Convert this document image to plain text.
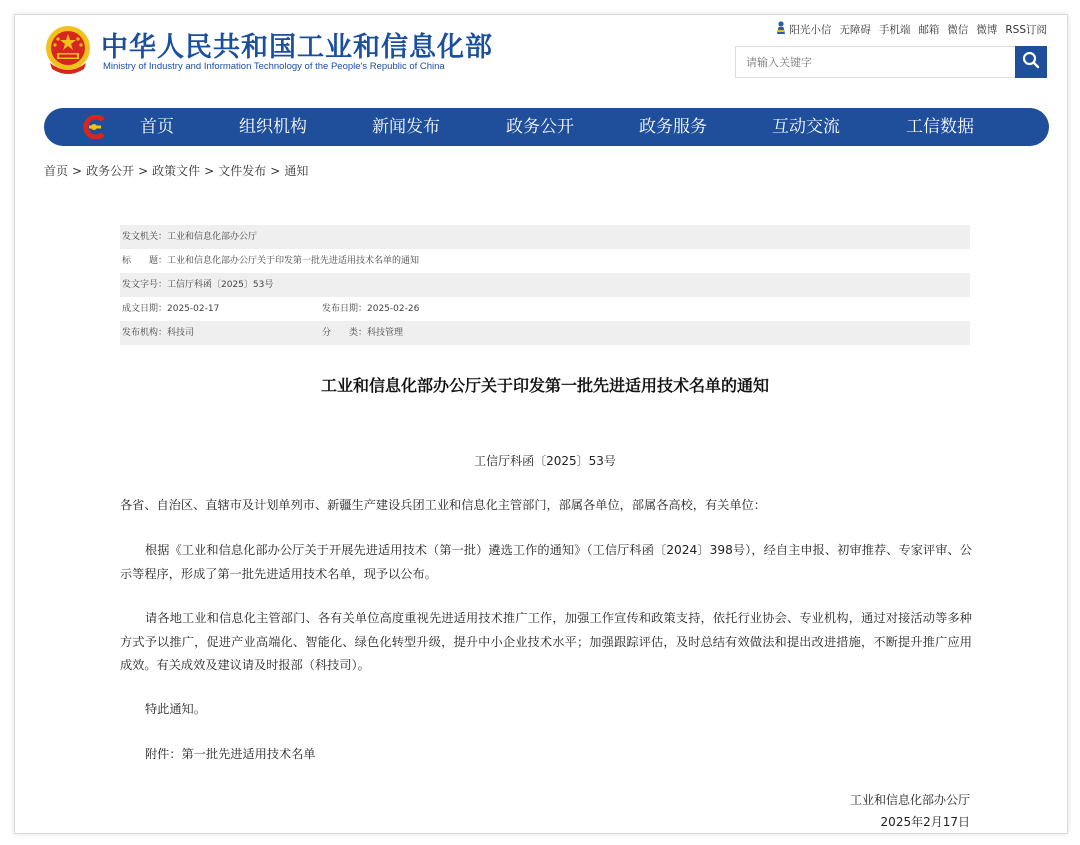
中华人民共和国工业和信息化部
Ministry of Industry and Information Technology of the People's Republic of China
阳光小信 无障碍 手机端 邮箱 微信 微博 RSS订阅
请输入关键字
首页	组织机构	新闻发布	政务公开	政务服务	互动交流	工信数据
首页 > 政务公开 > 政策文件 > 文件发布 > 通知
发文机关：工业和信息化部办公厅
标　　题：工业和信息化部办公厅关于印发第一批先进适用技术名单的通知
发文字号：工信厅科函〔2025〕53号
成文日期：2025-02-17	发布日期：2025-02-26
发布机构：科技司	分　　类：科技管理
工业和信息化部办公厅关于印发第一批先进适用技术名单的通知
工信厅科函〔2025〕53号
各省、自治区、直辖市及计划单列市、新疆生产建设兵团工业和信息化主管部门，部属各单位，部属各高校，有关单位：
根据《工业和信息化部办公厅关于开展先进适用技术（第一批）遴选工作的通知》（工信厅科函〔2024〕398号），经自主申报、初审推荐、专家评审、公示等程序，形成了第一批先进适用技术名单，现予以公布。
请各地工业和信息化主管部门、各有关单位高度重视先进适用技术推广工作，加强工作宣传和政策支持，依托行业协会、专业机构，通过对接活动等多种方式予以推广，促进产业高端化、智能化、绿色化转型升级，提升中小企业技术水平；加强跟踪评估，及时总结有效做法和提出改进措施，不断提升推广应用成效。有关成效及建议请及时报部（科技司）。
特此通知。
附件：第一批先进适用技术名单
工业和信息化部办公厅
2025年2月17日
